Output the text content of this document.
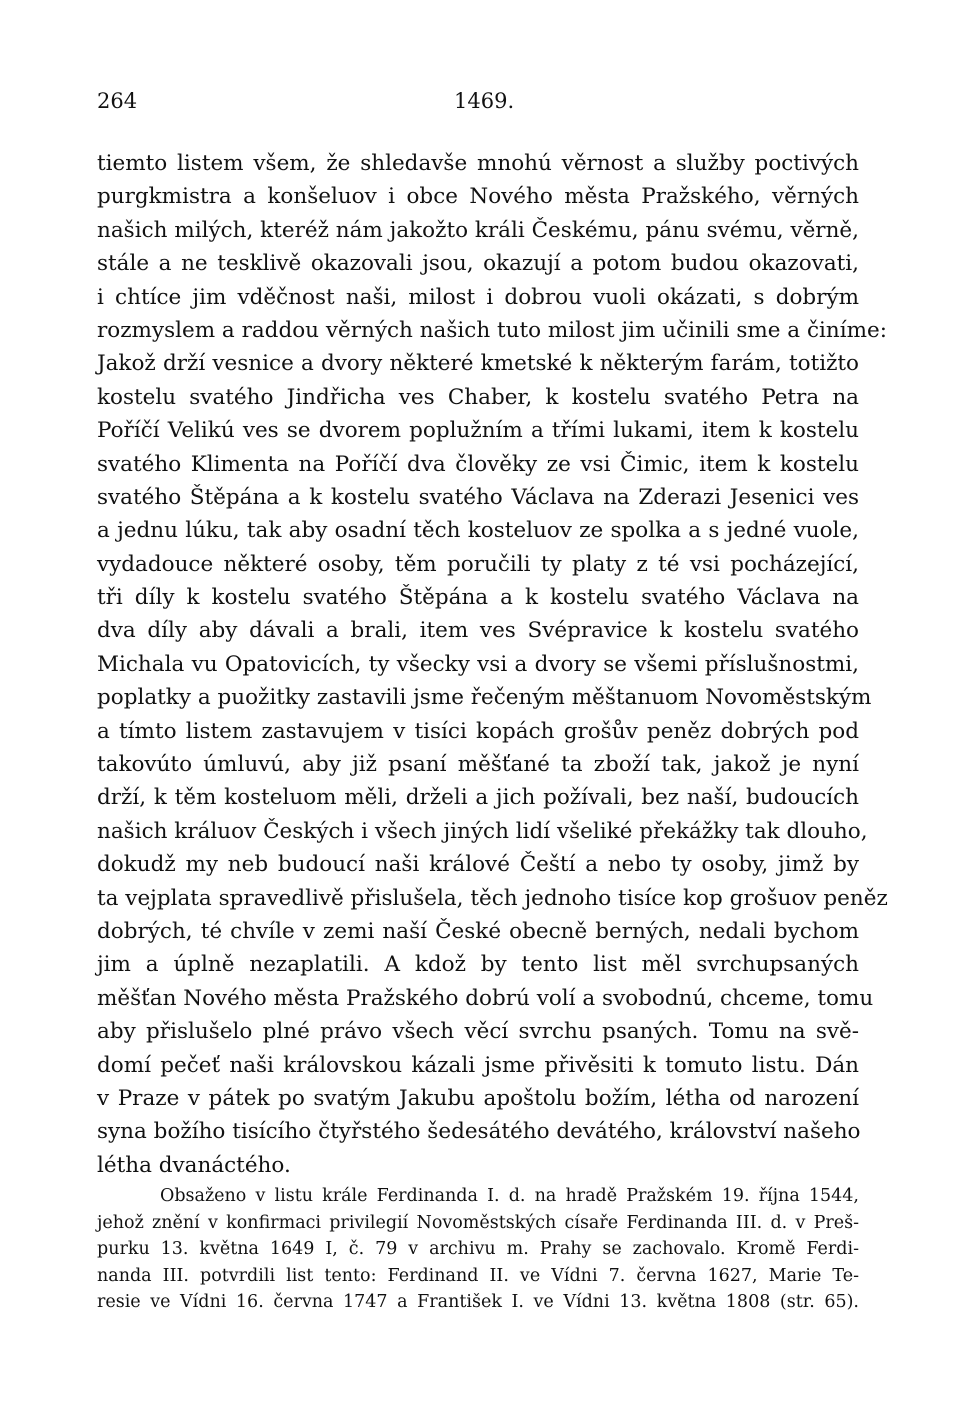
264	1469.
tiemto listem všem, že shledavše mnohú věrnost a služby poctivých
purgkmistra a konšeluov i obce Nového města Pražského, věrných
našich milých, kteréž nám jakožto králi Českému, pánu svému, věrně,
stále a ne tesklivě okazovali jsou, okazují a potom budou okazovati,
i chtíce jim vděčnost naši, milost i dobrou vuoli okázati, s dobrým
rozmyslem a raddou věrných našich tuto milost jim učinili sme a činíme:
Jakož drží vesnice a dvory některé kmetské k některým farám, totižto
kostelu svatého Jindřicha ves Chaber, k kostelu svatého Petra na
Poříčí Velikú ves se dvorem poplužním a třími lukami, item k kostelu
svatého Klimenta na Poříčí dva člověky ze vsi Čimic, item k kostelu
svatého Štěpána a k kostelu svatého Václava na Zderazi Jesenici ves
a jednu lúku, tak aby osadní těch kosteluov ze spolka a s jedné vuole,
vydadouce některé osoby, těm poručili ty platy z té vsi pocházející,
tři díly k kostelu svatého Štěpána a k kostelu svatého Václava na
dva díly aby dávali a brali, item ves Svépravice k kostelu svatého
Michala vu Opatovicích, ty všecky vsi a dvory se všemi příslušnostmi,
poplatky a puožitky zastavili jsme řečeným měštanuom Novoměstským
a tímto listem zastavujem v tisíci kopách grošův peněz dobrých pod
takovúto úmluvú, aby již psaní měšťané ta zboží tak, jakož je nyní
drží, k těm kosteluom měli, drželi a jich požívali, bez naší, budoucích
našich králuov Českých i všech jiných lidí všeliké překážky tak dlouho,
dokudž my neb budoucí naši králové Čeští a nebo ty osoby, jimž by
ta vejplata spravedlivě přislušela, těch jednoho tisíce kop grošuov peněz
dobrých, té chvíle v zemi naší České obecně berných, nedali bychom
jim a úplně nezaplatili. A kdož by tento list měl svrchupsaných
měšťan Nového města Pražského dobrú volí a svobodnú, chceme, tomu
aby přislušelo plné právo všech věcí svrchu psaných. Tomu na svě-
domí pečeť naši královskou kázali jsme přivěsiti k tomuto listu. Dán
v Praze v pátek po svatým Jakubu apoštolu božím, létha od narození
syna božího tisícího čtyřstého šedesátého devátého, království našeho
létha dvanáctého.
Obsaženo v listu krále Ferdinanda I. d. na hradě Pražském 19. října 1544,
jehož znění v konfirmaci privilegií Novoměstských císaře Ferdinanda III. d. v Preš-
purku 13. května 1649 I, č. 79 v archivu m. Prahy se zachovalo. Kromě Ferdi-
nanda III. potvrdili list tento: Ferdinand II. ve Vídni 7. června 1627, Marie Te-
resie ve Vídni 16. června 1747 a František I. ve Vídni 13. května 1808 (str. 65).
